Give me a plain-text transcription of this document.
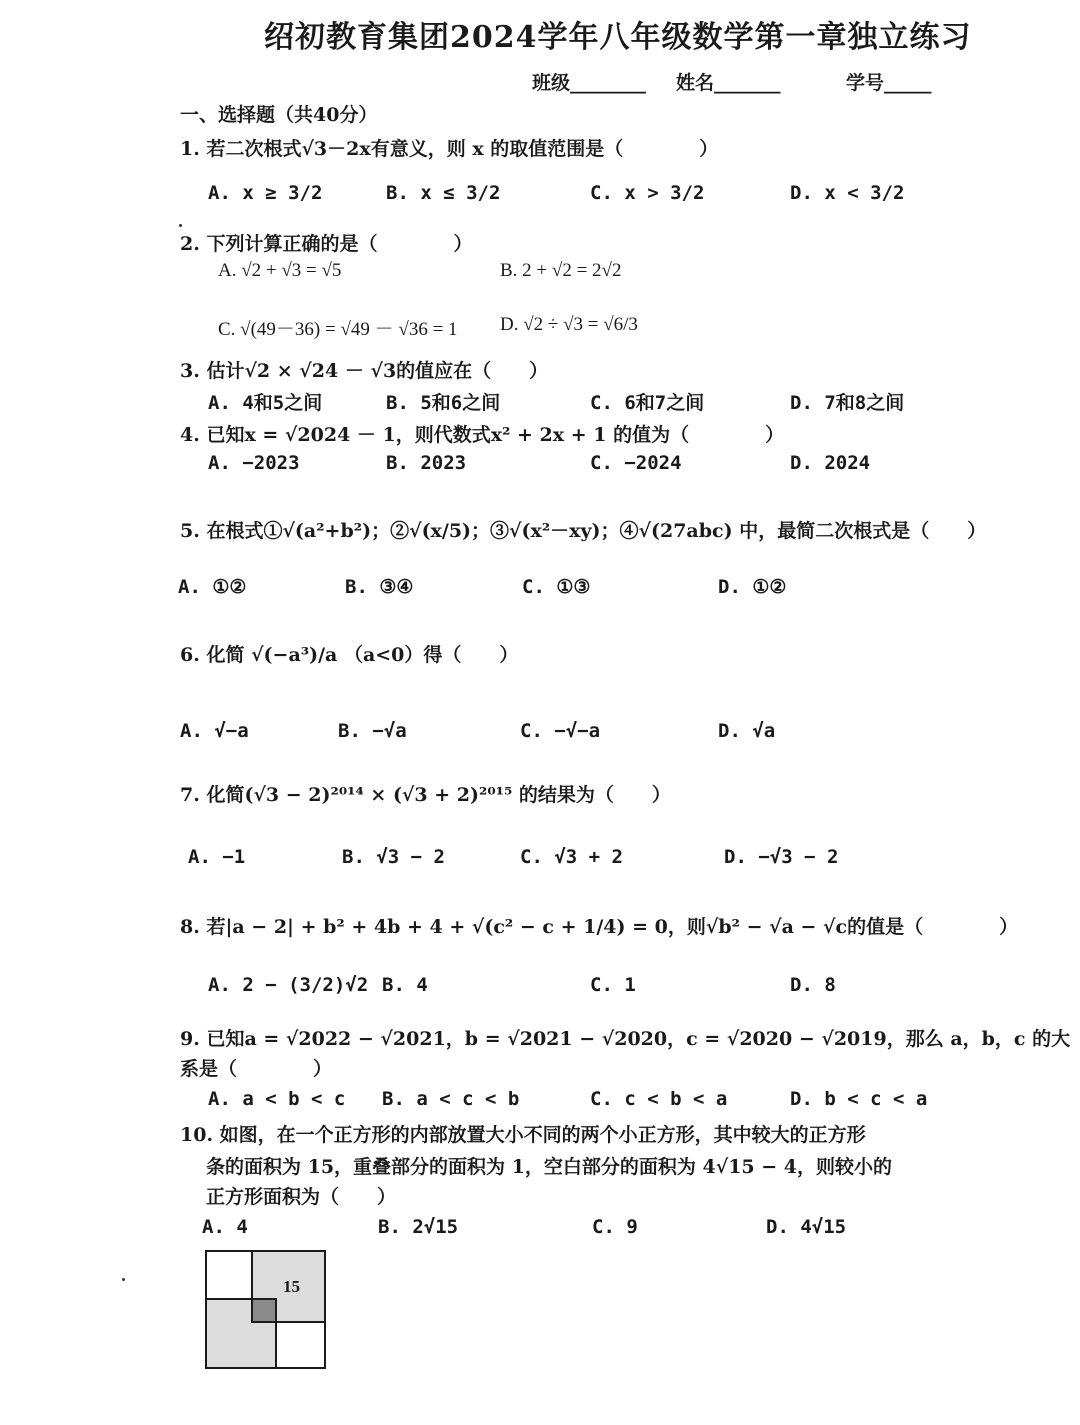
绍初教育集团2024学年八年级数学第一章独立练习
班级________ 姓名_______	学号_____
一、选择题（共40分）
1. 若二次根式√3－2x有意义，则 x 的取值范围是（　　　　）
A. x ≥ 3/2	B. x ≤ 3/2	C. x > 3/2	D. x < 3/2
2. 下列计算正确的是（　　　　）
A. √2 + √3 = √5	B. 2 + √2 = 2√2
C. √(49－36) = √49 － √36 = 1 D. √2 ÷ √3 = √6/3
3. 估计√2 × √24 － √3的值应在（　　）
A. 4和5之间	B. 5和6之间	C. 6和7之间	D. 7和8之间
4. 已知x = √2024 － 1，则代数式x² + 2x + 1 的值为（　　　　）
A. −2023	B. 2023	C. −2024	D. 2024
5. 在根式①√(a²+b²)；②√(x/5)；③√(x²－xy)；④√(27abc) 中，最简二次根式是（　　）
A. ①②	B. ③④	C. ①③	D. ①②
6. 化简 √(−a³)/a （a<0）得（　　）
A. √−a	B. −√a	C. −√−a	D. √a
7. 化简(√3 − 2)²⁰¹⁴ × (√3 + 2)²⁰¹⁵ 的结果为（　　）
A. −1	B. √3 − 2	C. √3 + 2	D. −√3 − 2
8. 若|a − 2| + b² + 4b + 4 + √(c² − c + 1/4) = 0，则√b² − √a − √c的值是（　　　　）
A. 2 − (3/2)√2 B. 4	C. 1	D. 8
9. 已知a = √2022 − √2021，b = √2021 − √2020，c = √2020 − √2019，那么 a，b，c 的大
系是（　　　　）
A. a < b < c B. a < c < b	C. c < b < a	D. b < c < a
10. 如图，在一个正方形的内部放置大小不同的两个小正方形，其中较大的正方形
条的面积为 15，重叠部分的面积为 1，空白部分的面积为 4√15 − 4，则较小的
正方形面积为（　　）
A. 4	B. 2√15	C. 9	D. 4√15
15
